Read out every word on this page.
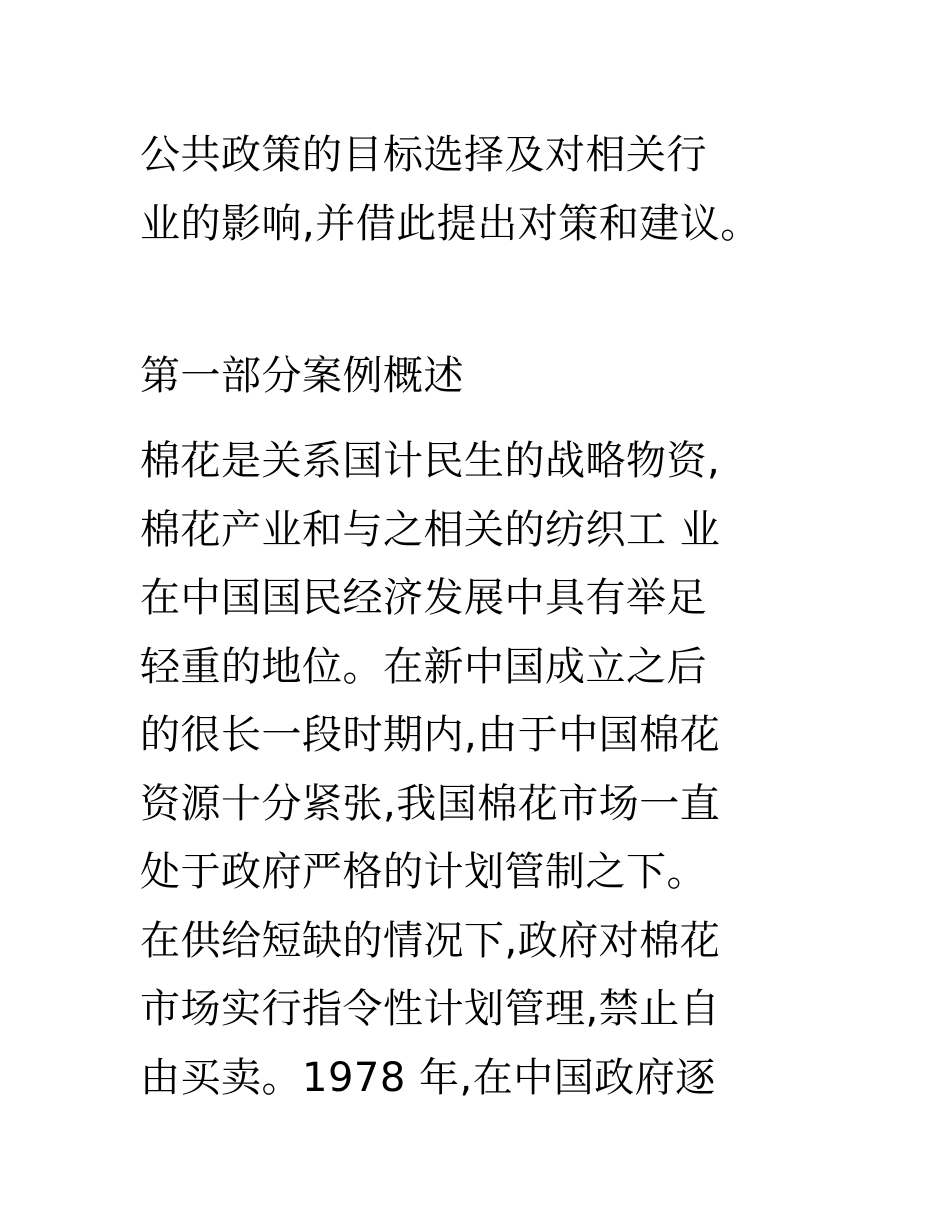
公共政策的目标选择及对相关行
业的影响,并借此提出对策和建议。
第一部分案例概述
棉花是关系国计民生的战略物资,
棉花产业和与之相关的纺织工 业
在中国国民经济发展中具有举足
轻重的地位。在新中国成立之后
的很长一段时期内,由于中国棉花
资源十分紧张,我国棉花市场一直
处于政府严格的计划管制之下。
在供给短缺的情况下,政府对棉花
市场实行指令性计划管理,禁止自
由买卖。1978 年,在中国政府逐
